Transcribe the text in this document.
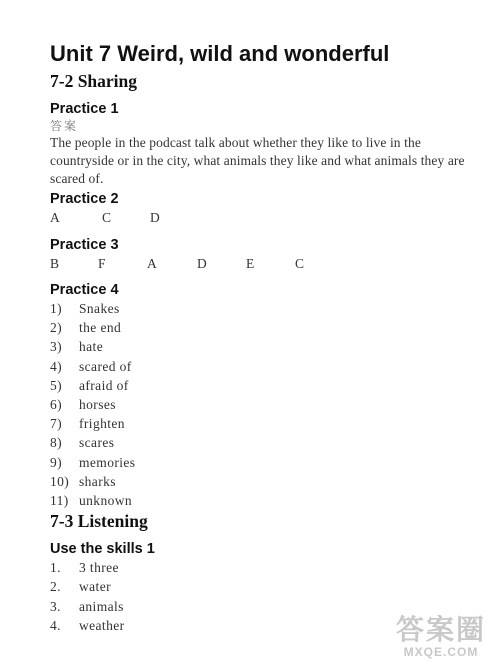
Unit 7 Weird, wild and wonderful
7-2 Sharing
Practice 1
答案

The people in the podcast talk about whether they like to live in the countryside or in the city, what animals they like and what animals they are scared of.

Practice 2
A	C	D
Practice 3
B	F	A	D	E	C
Practice 4
1)	Snakes
2)	the end
3)	hate
4)	scared of
5)	afraid of
6)	horses
7)	frighten
8)	scares
9)	memories
10) sharks
11) unknown
7-3 Listening
Use the skills 1
1.	3 three
2.	water
3.	animals
4.	weather	答案圈
MXQE.COM
